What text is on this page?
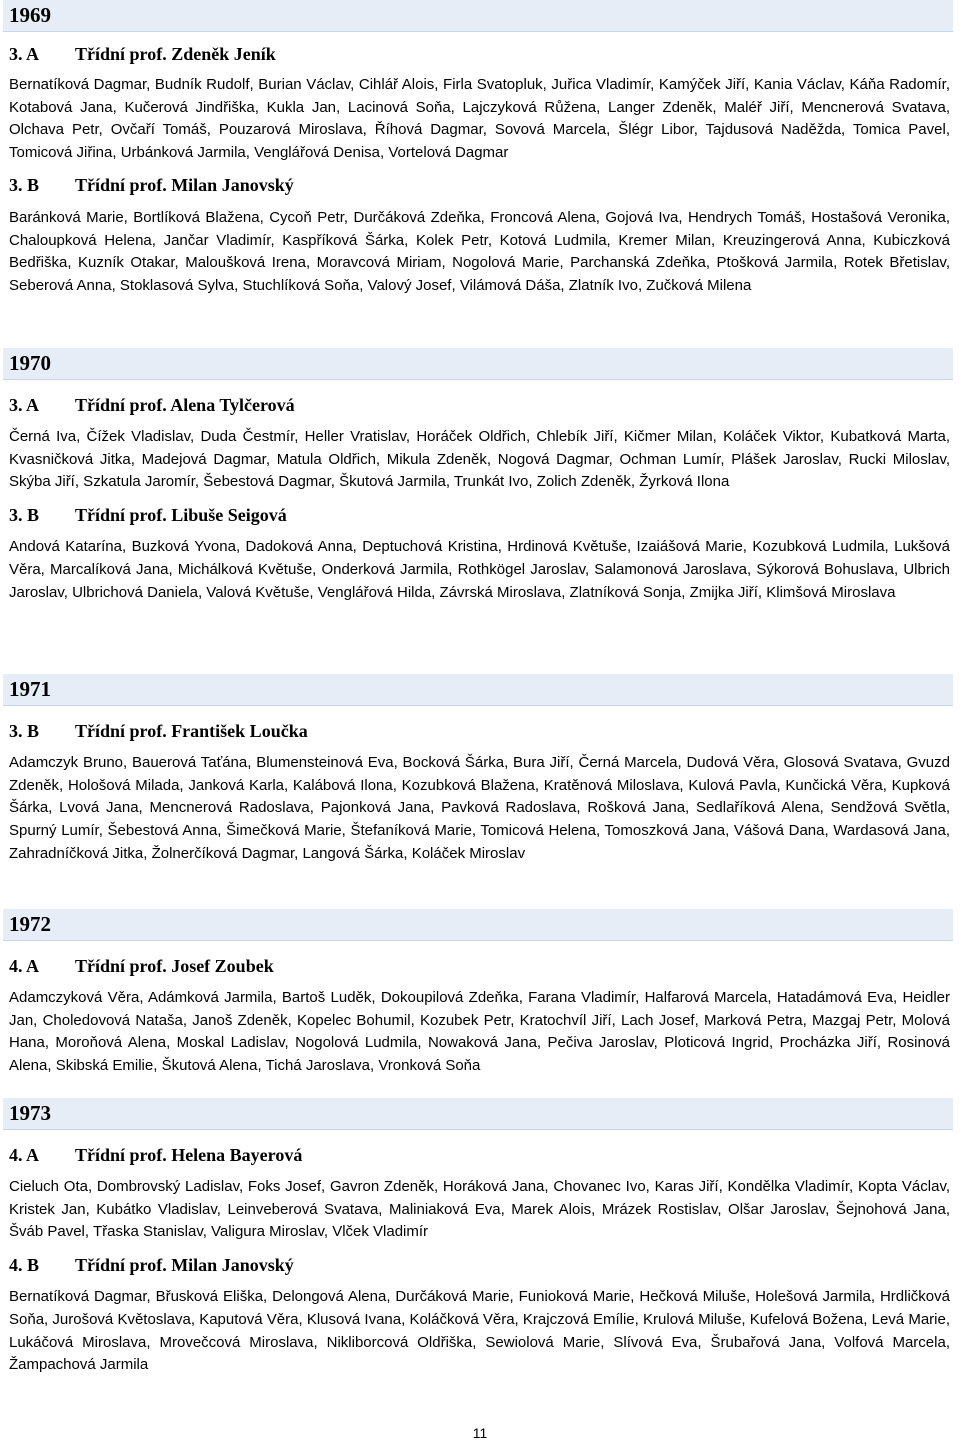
1969
3. A	Třídní prof. Zdeněk Jeník
Bernatíková Dagmar, Budník Rudolf, Burian Václav, Cihlář Alois, Firla Svatopluk, Juřica Vladimír, Kamýček Jiří, Kania Václav, Káňa Radomír, Kotabová Jana, Kučerová Jindřiška, Kukla Jan, Lacinová Soňa, Lajczyková Růžena, Langer Zdeněk, Maléř Jiří, Mencnerová Svatava, Olchava Petr, Ovčaří Tomáš, Pouzarová Miroslava, Říhová Dagmar, Sovová Marcela, Šlégr Libor, Tajdusová Naděžda, Tomica Pavel, Tomicová Jiřina, Urbánková Jarmila, Venglářová Denisa, Vortelová Dagmar
3. B	Třídní prof. Milan Janovský
Baránková Marie, Bortlíková Blažena, Cycoň Petr, Durčáková Zdeňka, Froncová Alena, Gojová Iva, Hendrych Tomáš, Hostašová Veronika, Chaloupková Helena, Jančar Vladimír, Kaspříková Šárka, Kolek Petr, Kotová Ludmila, Kremer Milan, Kreuzingerová Anna, Kubiczková Bedřiška, Kuzník Otakar, Maloušková Irena, Moravcová Miriam, Nogolová Marie, Parchanská Zdeňka, Ptošková Jarmila, Rotek Břetislav, Seberová Anna, Stoklasová Sylva, Stuchlíková Soňa, Valový Josef, Vilámová Dáša, Zlatník Ivo, Zučková Milena
1970
3. A	Třídní prof. Alena Tylčerová
Černá Iva, Čížek Vladislav, Duda Čestmír, Heller Vratislav, Horáček Oldřich, Chlebík Jiří, Kičmer Milan, Koláček Viktor, Kubatková Marta, Kvasničková Jitka, Madejová Dagmar, Matula Oldřich, Mikula Zdeněk, Nogová Dagmar, Ochman Lumír, Plášek Jaroslav, Rucki Miloslav, Skýba Jiří, Szkatula Jaromír, Šebestová Dagmar, Škutová Jarmila, Trunkát Ivo, Zolich Zdeněk, Žyrková Ilona
3. B	Třídní prof. Libuše Seigová
Andová Katarína, Buzková Yvona, Dadoková Anna, Deptuchová Kristina, Hrdinová Květuše, Izaiášová Marie, Kozubková Ludmila, Lukšová Věra, Marcalíková Jana, Michálková Květuše, Onderková Jarmila, Rothkögel Jaroslav, Salamonová Jaroslava, Sýkorová Bohuslava, Ulbrich Jaroslav, Ulbrichová Daniela, Valová Květuše, Venglářová Hilda, Závrská Miroslava, Zlatníková Sonja, Zmijka Jiří, Klimšová Miroslava
1971
3. B	Třídní prof. František Loučka
Adamczyk Bruno, Bauerová Taťána, Blumensteinová Eva, Bocková Šárka, Bura Jiří, Černá Marcela, Dudová Věra, Glosová Svatava, Gvuzd Zdeněk, Hološová Milada, Janková Karla, Kalábová Ilona, Kozubková Blažena, Kratěnová Miloslava, Kulová Pavla, Kunčická Věra, Kupková Šárka, Lvová Jana, Mencnerová Radoslava, Pajonková Jana, Pavková Radoslava, Rošková Jana, Sedlaříková Alena, Sendžová Světla, Spurný Lumír, Šebestová Anna, Šimečková Marie, Štefaníková Marie, Tomicová Helena, Tomoszková Jana, Vášová Dana, Wardasová Jana, Zahradníčková Jitka, Žolnerčíková Dagmar, Langová Šárka, Koláček Miroslav
1972
4. A	Třídní prof. Josef Zoubek
Adamczyková Věra, Adámková Jarmila, Bartoš Luděk, Dokoupilová Zdeňka, Farana Vladimír, Halfarová Marcela, Hatadámová Eva, Heidler Jan, Choledovová Nataša, Janoš Zdeněk, Kopelec Bohumil, Kozubek Petr, Kratochvíl Jiří, Lach Josef, Marková Petra, Mazgaj Petr, Molová Hana, Moroňová Alena, Moskal Ladislav, Nogolová Ludmila, Nowaková Jana, Pečiva Jaroslav, Ploticová Ingrid, Procházka Jiří, Rosinová Alena, Skibská Emilie, Škutová Alena, Tichá Jaroslava, Vronková Soňa
1973
4. A	Třídní prof. Helena Bayerová
Cieluch Ota, Dombrovský Ladislav, Foks Josef, Gavron Zdeněk, Horáková Jana, Chovanec Ivo, Karas Jiří, Kondělka Vladimír, Kopta Václav, Kristek Jan, Kubátko Vladislav, Leinveberová Svatava, Maliniaková Eva, Marek Alois, Mrázek Rostislav, Olšar Jaroslav, Šejnohová Jana, Šváb Pavel, Třaska Stanislav, Valigura Miroslav, Vlček Vladimír
4. B	Třídní prof. Milan Janovský
Bernatíková Dagmar, Břusková Eliška, Delongová Alena, Durčáková Marie, Funioková Marie, Hečková Miluše, Holešová Jarmila, Hrdličková Soňa, Jurošová Květoslava, Kaputová Věra, Klusová Ivana, Koláčková Věra, Krajczová Emílie, Krulová Miluše, Kufelová Božena, Levá Marie, Lukáčová Miroslava, Mrovečcová Miroslava, Nikliborcová Oldřiška, Sewiolová Marie, Slívová Eva, Šrubařová Jana, Volfová Marcela, Žampachová Jarmila
11
